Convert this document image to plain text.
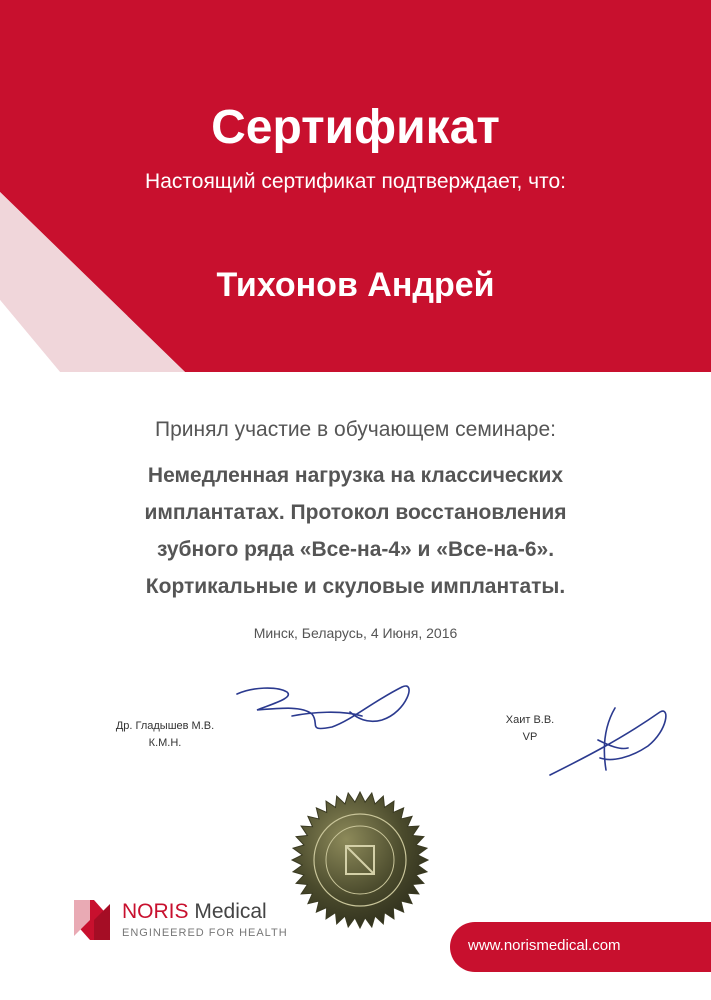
Сертификат

Настоящий сертификат подтверждает, что:

Тихонов Андрей

Принял участие в обучающем семинаре:

Немедленная нагрузка на классических
имплантатах. Протокол восстановления
зубного ряда «Все-на-4» и «Все-на-6».
Кортикальные и скуловые имплантаты.

Минск, Беларусь, 4 Июня, 2016

Др. Гладышев М.В.
К.М.Н.
Хаит В.В.
VP
NORIS Medical
ENGINEERED FOR HEALTH
www.norismedical.com
